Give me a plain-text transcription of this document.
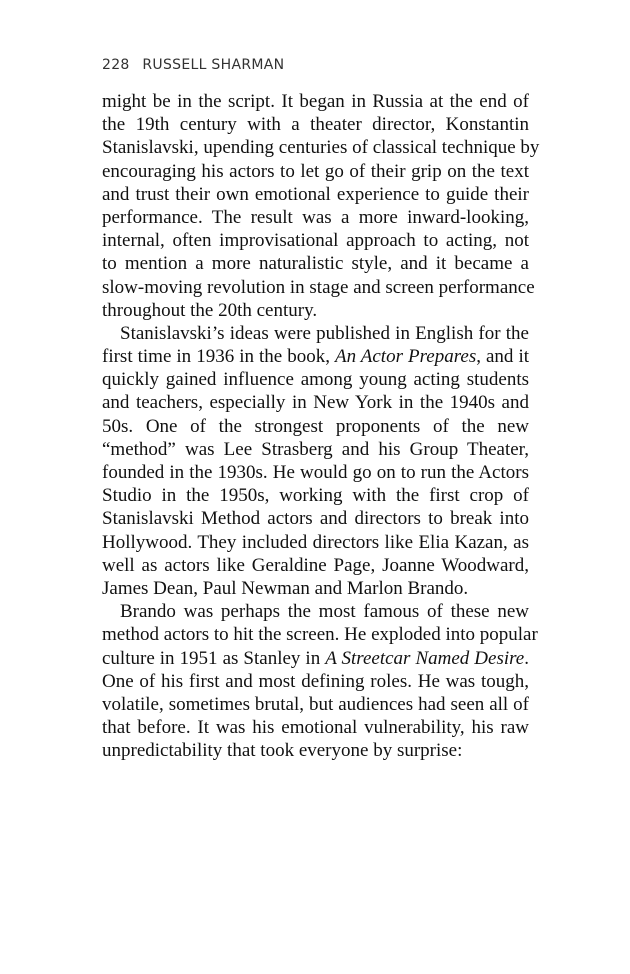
228 RUSSELL SHARMAN
might be in the script. It began in Russia at the end of
the 19th century with a theater director, Konstantin
Stanislavski, upending centuries of classical technique by
encouraging his actors to let go of their grip on the text
and trust their own emotional experience to guide their
performance. The result was a more inward-looking,
internal, often improvisational approach to acting, not
to mention a more naturalistic style, and it became a
slow-moving revolution in stage and screen performance
throughout the 20th century.
Stanislavski’s ideas were published in English for the
first time in 1936 in the book, An Actor Prepares, and it
quickly gained influence among young acting students
and teachers, especially in New York in the 1940s and
50s. One of the strongest proponents of the new
“method” was Lee Strasberg and his Group Theater,
founded in the 1930s. He would go on to run the Actors
Studio in the 1950s, working with the first crop of
Stanislavski Method actors and directors to break into
Hollywood. They included directors like Elia Kazan, as
well as actors like Geraldine Page, Joanne Woodward,
James Dean, Paul Newman and Marlon Brando.
Brando was perhaps the most famous of these new
method actors to hit the screen. He exploded into popular
culture in 1951 as Stanley in A Streetcar Named Desire.
One of his first and most defining roles. He was tough,
volatile, sometimes brutal, but audiences had seen all of
that before. It was his emotional vulnerability, his raw
unpredictability that took everyone by surprise:
